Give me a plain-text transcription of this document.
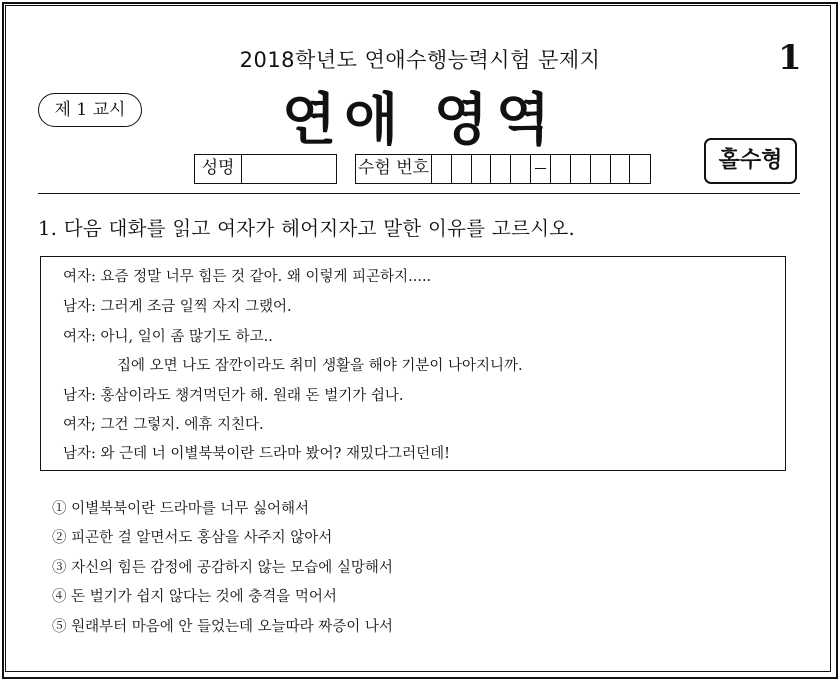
2018학년도 연애수행능력시험 문제지	1
제 1 교시	연애 영역
성명	수험 번호	홀수형
1. 다음 대화를 읽고 여자가 헤어지자고 말한 이유를 고르시오.
여자: 요즘 정말 너무 힘든 것 같아. 왜 이렇게 피곤하지.....
남자: 그러게 조금 일찍 자지 그랬어.
여자: 아니, 일이 좀 많기도 하고..
집에 오면 나도 잠깐이라도 취미 생활을 해야 기분이 나아지니까.
남자: 홍삼이라도 챙겨먹던가 해. 원래 돈 벌기가 쉽나.
여자; 그건 그렇지. 에휴 지친다.
남자: 와 근데 너 이별북북이란 드라마 봤어? 재밌다그러던데!
① 이별북북이란 드라마를 너무 싫어해서
② 피곤한 걸 알면서도 홍삼을 사주지 않아서
③ 자신의 힘든 감정에 공감하지 않는 모습에 실망해서
④ 돈 벌기가 쉽지 않다는 것에 충격을 먹어서
⑤ 원래부터 마음에 안 들었는데 오늘따라 짜증이 나서
